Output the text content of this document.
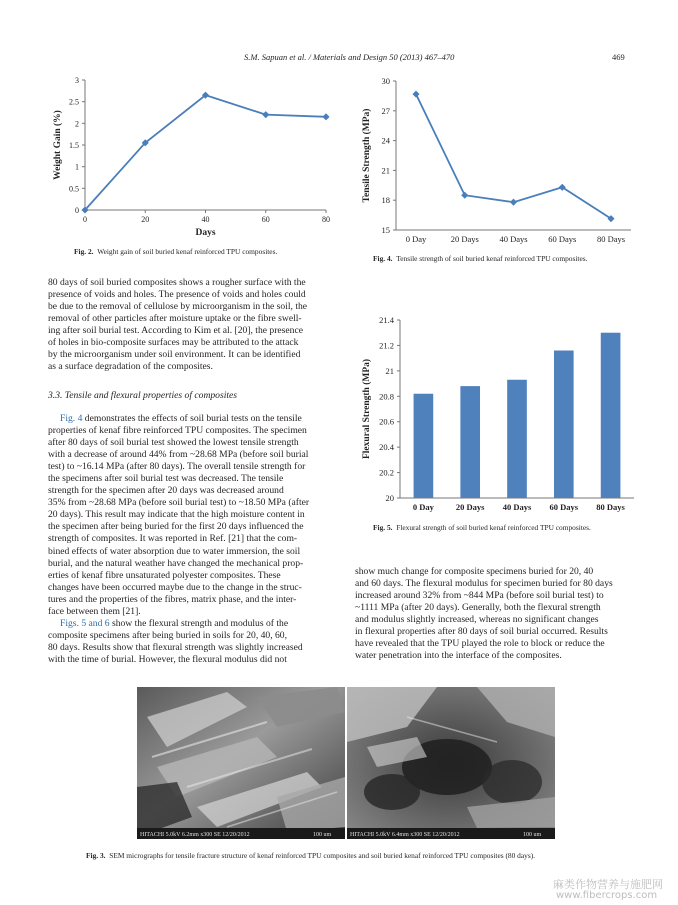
S.M. Sapuan et al. / Materials and Design 50 (2013) 467–470	469
0
0.5
1
1.5
2
2.5
3
0	20	40	60	80
Days
Weight Gain (%)
Fig. 2. Weight gain of soil buried kenaf reinforced TPU composites.
15
18
21
24
27
30
0 Day	20 Days 40 Days 60 Days 80 Days
Tensile Strength (MPa)
Fig. 4. Tensile strength of soil buried kenaf reinforced TPU composites.
20
20.2
20.4
20.6
20.8
21
21.2
21.4
0 Day	20 Days 40 Days 60 Days 80 Days
Flexural Strength (MPa)
Fig. 5. Flexural strength of soil buried kenaf reinforced TPU composites.

80 days of soil buried composites shows a rougher surface with the

presence of voids and holes. The presence of voids and holes could

be due to the removal of cellulose by microorganism in the soil, the

removal of other particles after moisture uptake or the fibre swell-

ing after soil burial test. According to Kim et al. [20], the presence

of holes in bio-composite surfaces may be attributed to the attack

by the microorganism under soil environment. It can be identified

as a surface degradation of the composites.

3.3. Tensile and flexural properties of composites

Fig. 4 demonstrates the effects of soil burial tests on the tensile

properties of kenaf fibre reinforced TPU composites. The specimen

after 80 days of soil burial test showed the lowest tensile strength

with a decrease of around 44% from ~28.68 MPa (before soil burial

test) to ~16.14 MPa (after 80 days). The overall tensile strength for

the specimens after soil burial test was decreased. The tensile

strength for the specimen after 20 days was decreased around

35% from ~28.68 MPa (before soil burial test) to ~18.50 MPa (after

20 days). This result may indicate that the high moisture content in

the specimen after being buried for the first 20 days influenced the

strength of composites. It was reported in Ref. [21] that the com-

bined effects of water absorption due to water immersion, the soil

burial, and the natural weather have changed the mechanical prop-

erties of kenaf fibre unsaturated polyester composites. These

changes have been occurred maybe due to the change in the struc-

tures and the properties of the fibres, matrix phase, and the inter-

face between them [21].

Figs. 5 and 6 show the flexural strength and modulus of the

composite specimens after being buried in soils for 20, 40, 60,

80 days. Results show that flexural strength was slightly increased

with the time of burial. However, the flexural modulus did not

show much change for composite specimens buried for 20, 40

and 60 days. The flexural modulus for specimen buried for 80 days

increased around 32% from ~844 MPa (before soil burial test) to

~1111 MPa (after 20 days). Generally, both the flexural strength

and modulus slightly increased, whereas no significant changes

in flexural properties after 80 days of soil burial occurred. Results

have revealed that the TPU played the role to block or reduce the

water penetration into the interface of the composites.

HITACHI 5.0kV 6.2mm x300 SE 12/20/2012	100 um	HITACHI 5.0kV 6.4mm x300 SE 12/20/2012	100 um
Fig. 3. SEM micrographs for tensile fracture structure of kenaf reinforced TPU composites and soil buried kenaf reinforced TPU composites (80 days).
麻类作物营养与施肥网
www.fibercrops.com
